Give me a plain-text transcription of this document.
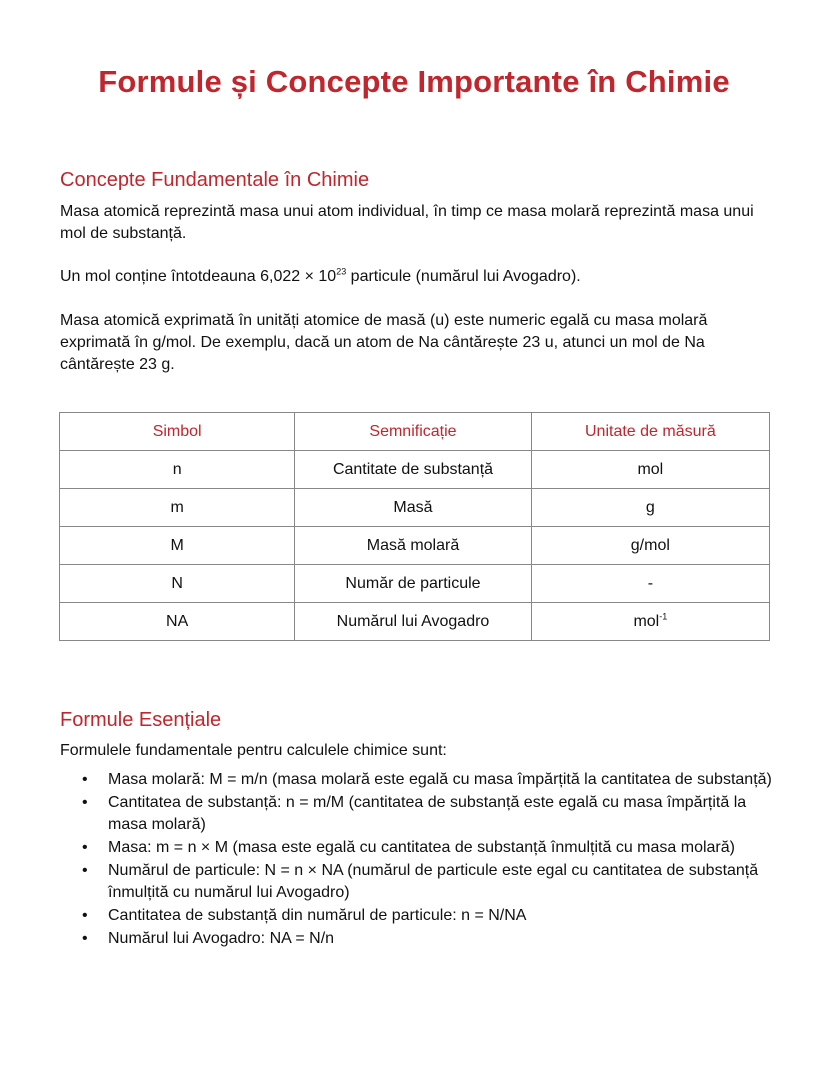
Formule și Concepte Importante în Chimie
Concepte Fundamentale în Chimie

Masa atomică reprezintă masa unui atom individual, în timp ce masa molară reprezintă masa unui mol de substanță.

Un mol conține întotdeauna $6,022 \times 10^{23}$ particule (numărul lui Avogadro).

Masa atomică exprimată în unități atomice de masă (u) este numeric egală cu masa molară exprimată în g/mol. De exemplu, dacă un atom de Na cântărește 23 u, atunci un mol de Na cântărește 23 g.

Simbol	Semnificație	Unitate de măsură
n	Cantitate de substanță	mol
m	Masă	g
M	Masă molară	g/mol
N	Număr de particule	-
NA	Numărul lui Avogadro	mol$^{-1}$
Formule Esențiale

Formulele fundamentale pentru calculele chimice sunt:

• Masa molară: M = m/n (masa molară este egală cu masa împărțită la cantitatea de substanță)
• Cantitatea de substanță: n = m/M (cantitatea de substanță este egală cu masa împărțită la masa molară)
• Masa: m = n × M (masa este egală cu cantitatea de substanță înmulțită cu masa molară)
• Numărul de particule: N = n × NA (numărul de particule este egal cu cantitatea de substanță înmulțită cu numărul lui Avogadro)
• Cantitatea de substanță din numărul de particule: n = N/NA
• Numărul lui Avogadro: NA = N/n
